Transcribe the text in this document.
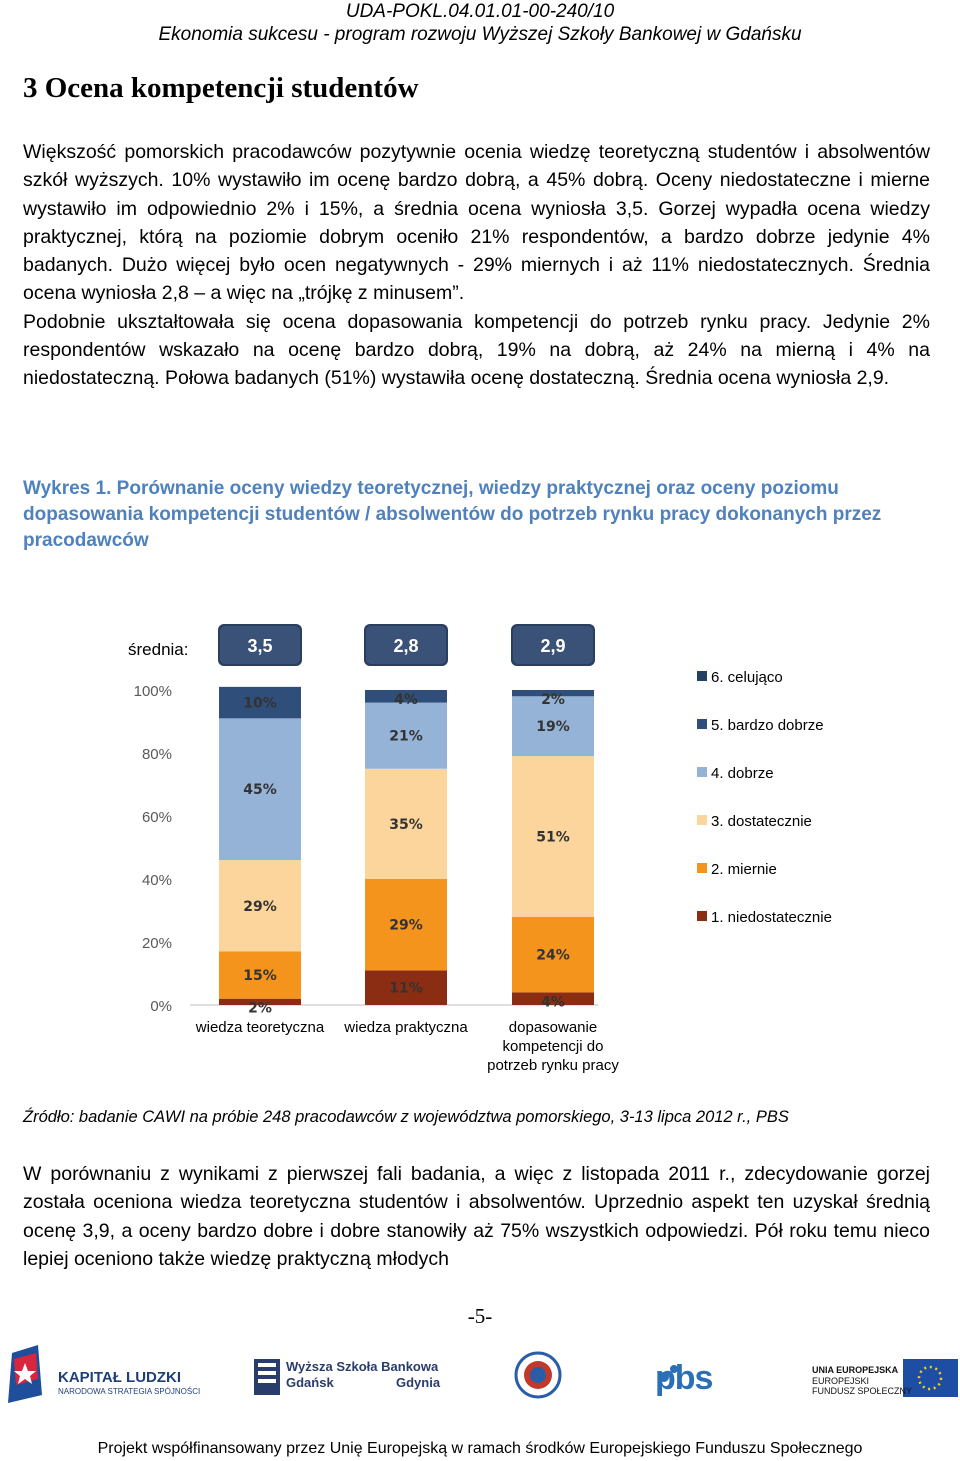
UDA-POKL.04.01.01-00-240/10
Ekonomia sukcesu - program rozwoju Wyższej Szkoły Bankowej w Gdańsku
3 Ocena kompetencji studentów

Większość pomorskich pracodawców pozytywnie ocenia wiedzę teoretyczną studentów i absolwentów szkół wyższych. 10% wystawiło im ocenę bardzo dobrą, a 45% dobrą. Oceny niedostateczne i mierne wystawiło im odpowiednio 2% i 15%, a średnia ocena wyniosła 3,5. Gorzej wypadła ocena wiedzy praktycznej, którą na poziomie dobrym oceniło 21% respondentów, a bardzo dobrze jedynie 4% badanych. Dużo więcej było ocen negatywnych - 29% miernych i aż 11% niedostatecznych. Średnia ocena wyniosła 2,8 – a więc na „trójkę z minusem”.

Podobnie ukształtowała się ocena dopasowania kompetencji do potrzeb rynku pracy. Jedynie 2% respondentów wskazało na ocenę bardzo dobrą, 19% na dobrą, aż 24% na mierną i 4% na niedostateczną. Połowa badanych (51%) wystawiła ocenę dostateczną. Średnia ocena wyniosła 2,9.

Wykres 1. Porównanie oceny wiedzy teoretycznej, wiedzy praktycznej oraz oceny poziomu dopasowania kompetencji studentów / absolwentów do potrzeb rynku pracy dokonanych przez pracodawców
0%
20%
40%
60%
80%
100%
średnia:	3,5	2,8	2,9
2%
15%
29%
45%
10%
wiedza teoretyczna
11%
29%
35%
21%
4%
wiedza praktyczna
4%
24%
51%
19%
2%
dopasowanie
kompetencji do
potrzeb rynku pracy
6. celująco
5. bardzo dobrze
4. dobrze
3. dostatecznie
2. miernie
1. niedostatecznie
Źródło: badanie CAWI na próbie 248 pracodawców z województwa pomorskiego, 3-13 lipca 2012 r., PBS

W porównaniu z wynikami z pierwszej fali badania, a więc z listopada 2011 r., zdecydowanie gorzej została oceniona wiedza teoretyczna studentów i absolwentów. Uprzednio aspekt ten uzyskał średnią ocenę 3,9, a oceny bardzo dobre i dobre stanowiły aż 75% wszystkich odpowiedzi. Pół roku temu nieco lepiej oceniono także wiedzę praktyczną młodych

-5-
KAPITAŁ LUDZKI
NARODOWA STRATEGIA SPÓJNOŚCI
Wyższa Szkoła Bankowa
Gdańsk	Gdynia	pbs	UNIA EUROPEJSKA
EUROPEJSKI
FUNDUSZ SPOŁECZNY
Projekt współfinansowany przez Unię Europejską w ramach środków Europejskiego Funduszu Społecznego
